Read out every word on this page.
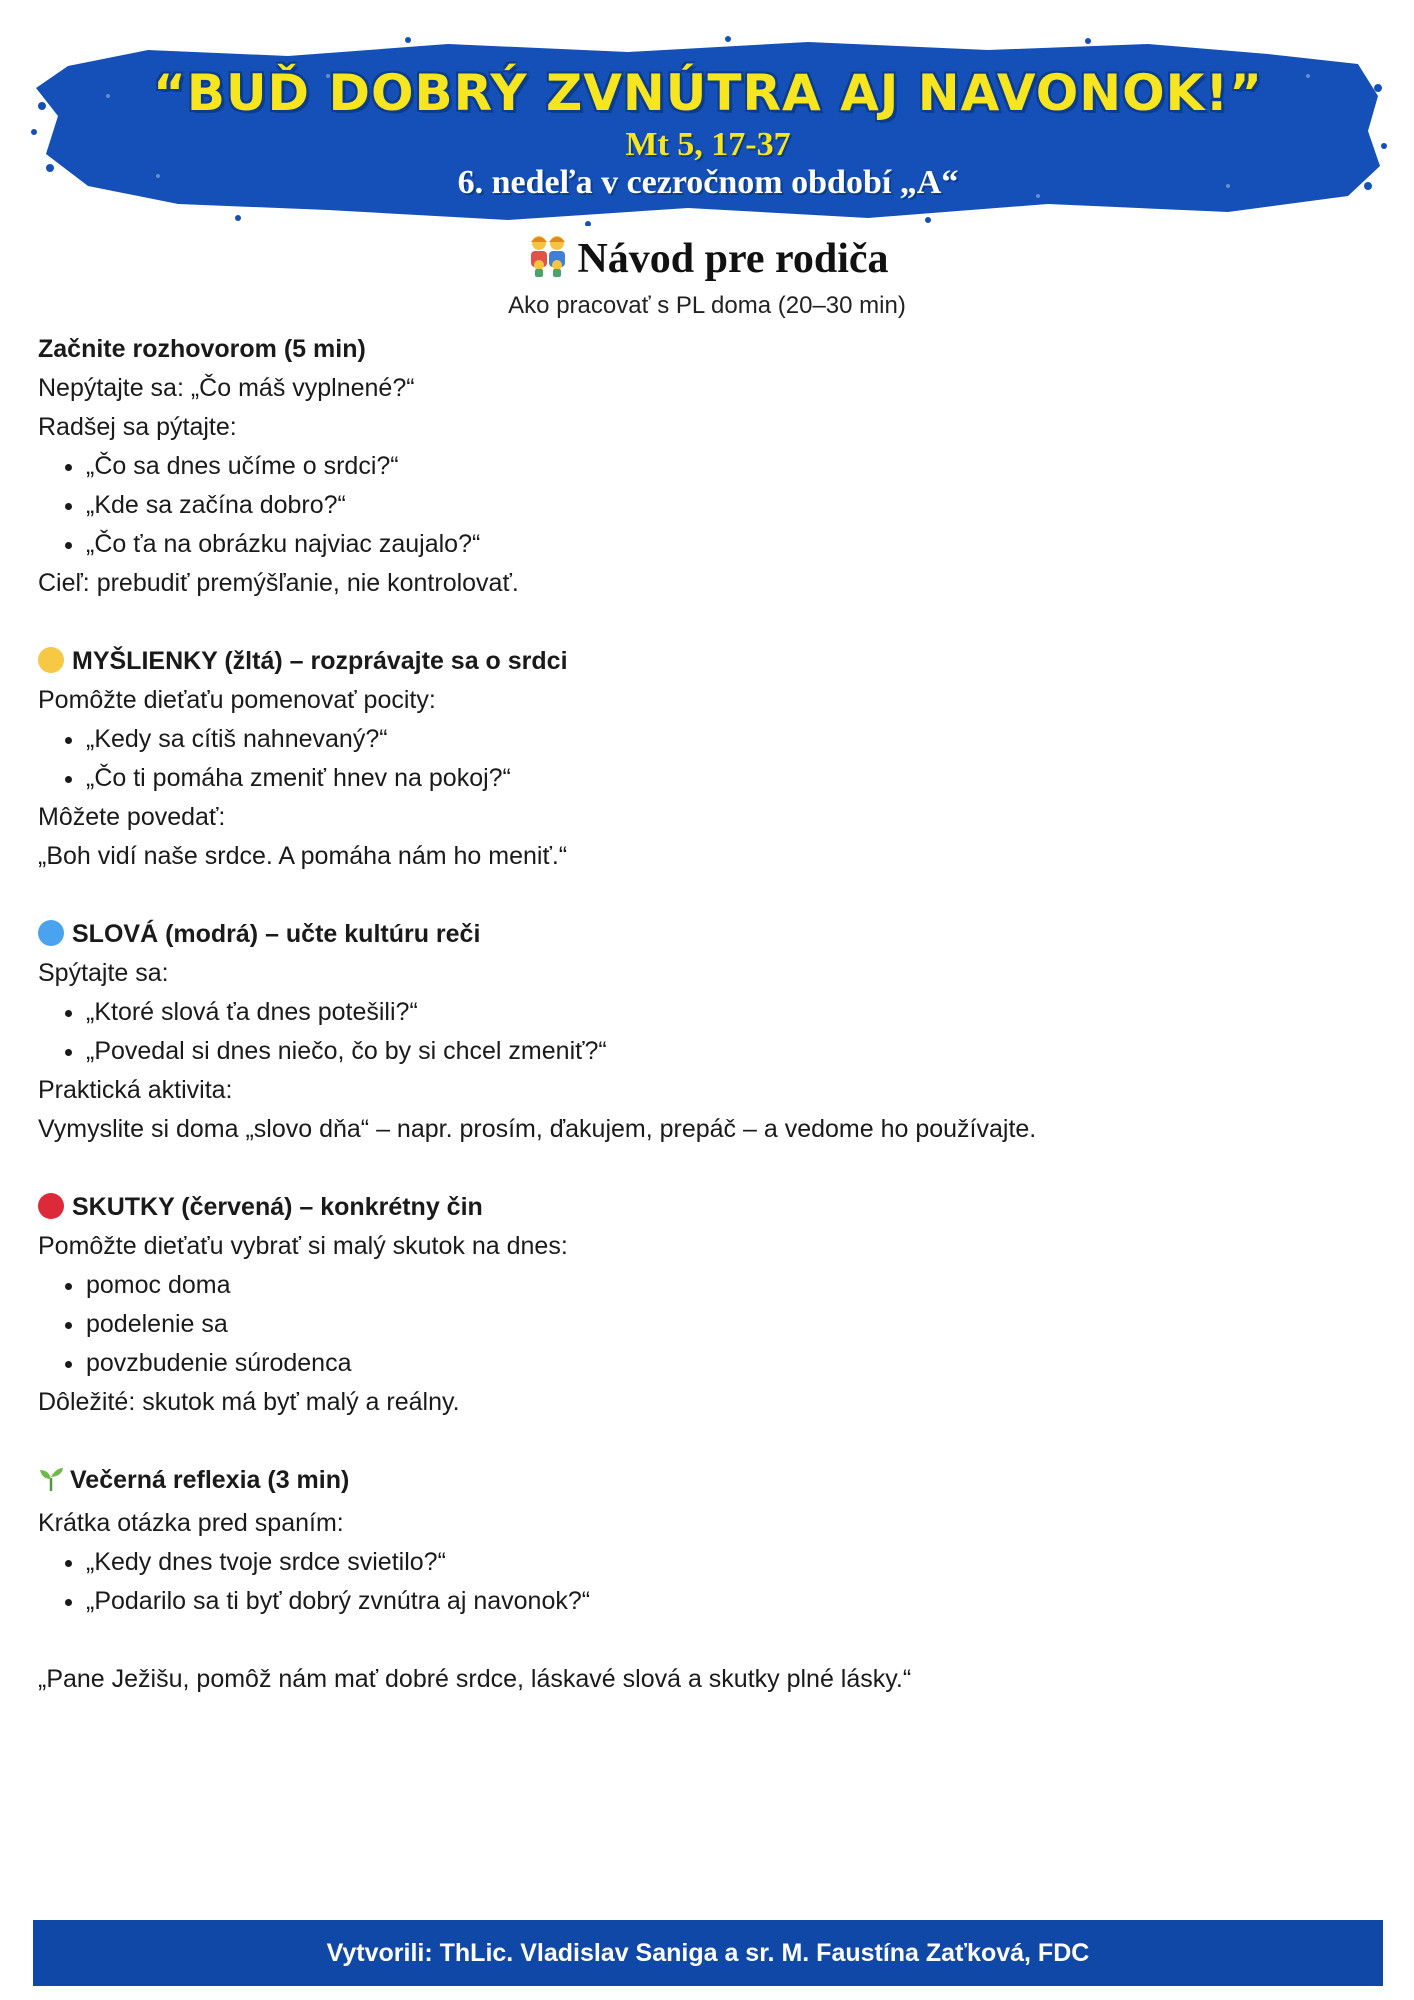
“BUĎ DOBRÝ ZVNÚTRA AJ NAVONOK!”
Mt 5, 17-37
6. nedeľa v cezročnom období „A“
Návod pre rodiča
Ako pracovať s PL doma (20–30 min)

Začnite rozhovorom (5 min)

Nepýtajte sa: „Čo máš vyplnené?“

Radšej sa pýtajte:

• „Čo sa dnes učíme o srdci?“
• „Kde sa začína dobro?“
• „Čo ťa na obrázku najviac zaujalo?“

Cieľ: prebudiť premýšľanie, nie kontrolovať.

MYŠLIENKY (žltá) – rozprávajte sa o srdci

Pomôžte dieťaťu pomenovať pocity:

• „Kedy sa cítiš nahnevaný?“
• „Čo ti pomáha zmeniť hnev na pokoj?“

Môžete povedať:

„Boh vidí naše srdce. A pomáha nám ho meniť.“

SLOVÁ (modrá) – učte kultúru reči

Spýtajte sa:

• „Ktoré slová ťa dnes potešili?“
• „Povedal si dnes niečo, čo by si chcel zmeniť?“

Praktická aktivita:

Vymyslite si doma „slovo dňa“ – napr. prosím, ďakujem, prepáč – a vedome ho používajte.

SKUTKY (červená) – konkrétny čin

Pomôžte dieťaťu vybrať si malý skutok na dnes:

• pomoc doma
• podelenie sa
• povzbudenie súrodenca

Dôležité: skutok má byť malý a reálny.

Večerná reflexia (3 min)

Krátka otázka pred spaním:

• „Kedy dnes tvoje srdce svietilo?“
• „Podarilo sa ti byť dobrý zvnútra aj navonok?“

„Pane Ježišu, pomôž nám mať dobré srdce, láskavé slová a skutky plné lásky.“

Vytvorili: ThLic. Vladislav Saniga a sr. M. Faustína Zaťková, FDC
